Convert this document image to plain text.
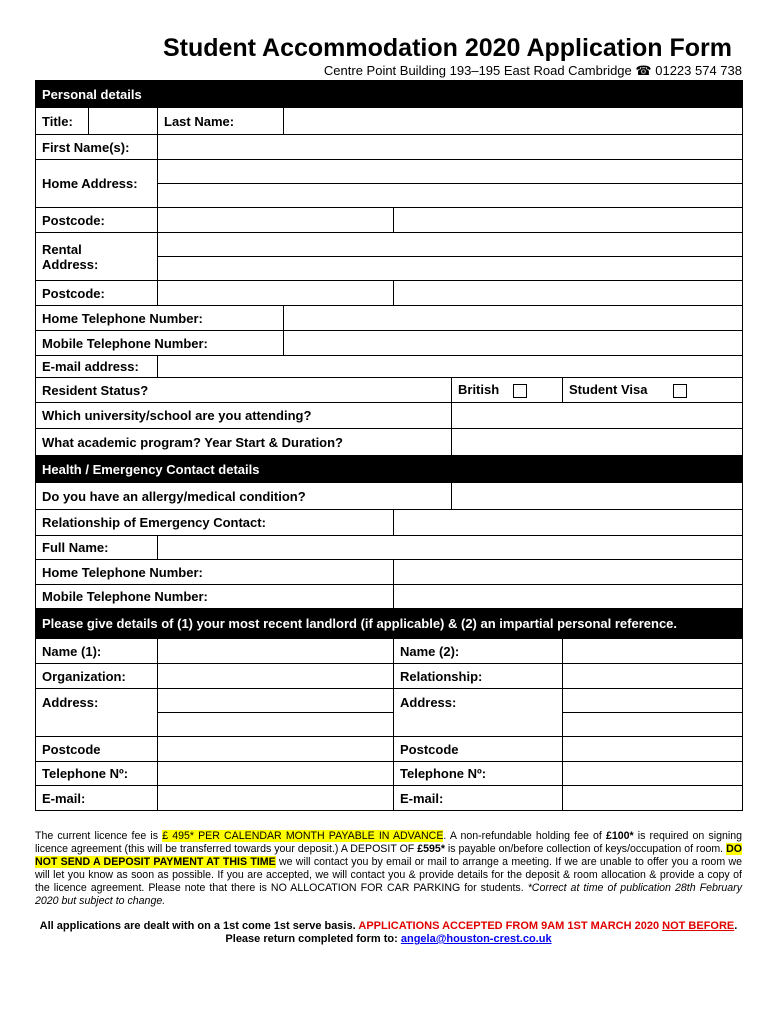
Student Accommodation 2020 Application Form
Centre Point Building 193–195 East Road Cambridge ☎ 01223 574 738
Personal details
Title:		Last Name:	
First Name(s):	
Home Address:	

Postcode:		

Rental
Address:

Postcode:		
Home Telephone Number:	
Mobile Telephone Number:	
E-mail address:	
Resident Status?	British	Student Visa
Which university/school are you attending?	
What academic program? Year Start & Duration?	
Health / Emergency Contact details
Do you have an allergy/medical condition?	
Relationship of Emergency Contact:	
Full Name:	
Home Telephone Number:	
Mobile Telephone Number:	
Please give details of (1) your most recent landlord (if applicable) & (2) an impartial personal reference.
Name (1):		Name (2):	
Organization:		Relationship:	
Address:		Address:	

Postcode		Postcode	
Telephone Nº:		Telephone Nº:	
E-mail:		E-mail:	
The current licence fee is £ 495* PER CALENDAR MONTH PAYABLE IN ADVANCE. A non-refundable holding fee of £100* is required on signing licence agreement (this will be transferred towards your deposit.) A DEPOSIT OF £595* is payable on/before collection of keys/occupation of room. DO NOT SEND A DEPOSIT PAYMENT AT THIS TIME we will contact you by email or mail to arrange a meeting. If we are unable to offer you a room we will let you know as soon as possible. If you are accepted, we will contact you & provide details for the deposit & room allocation & provide a copy of the licence agreement. Please note that there is NO ALLOCATION FOR CAR PARKING for students. *Correct at time of publication 28th February 2020 but subject to change.
All applications are dealt with on a 1st come 1st serve basis. APPLICATIONS ACCEPTED FROM 9AM 1ST MARCH 2020 NOT BEFORE. Please return completed form to: angela@houston-crest.co.uk
